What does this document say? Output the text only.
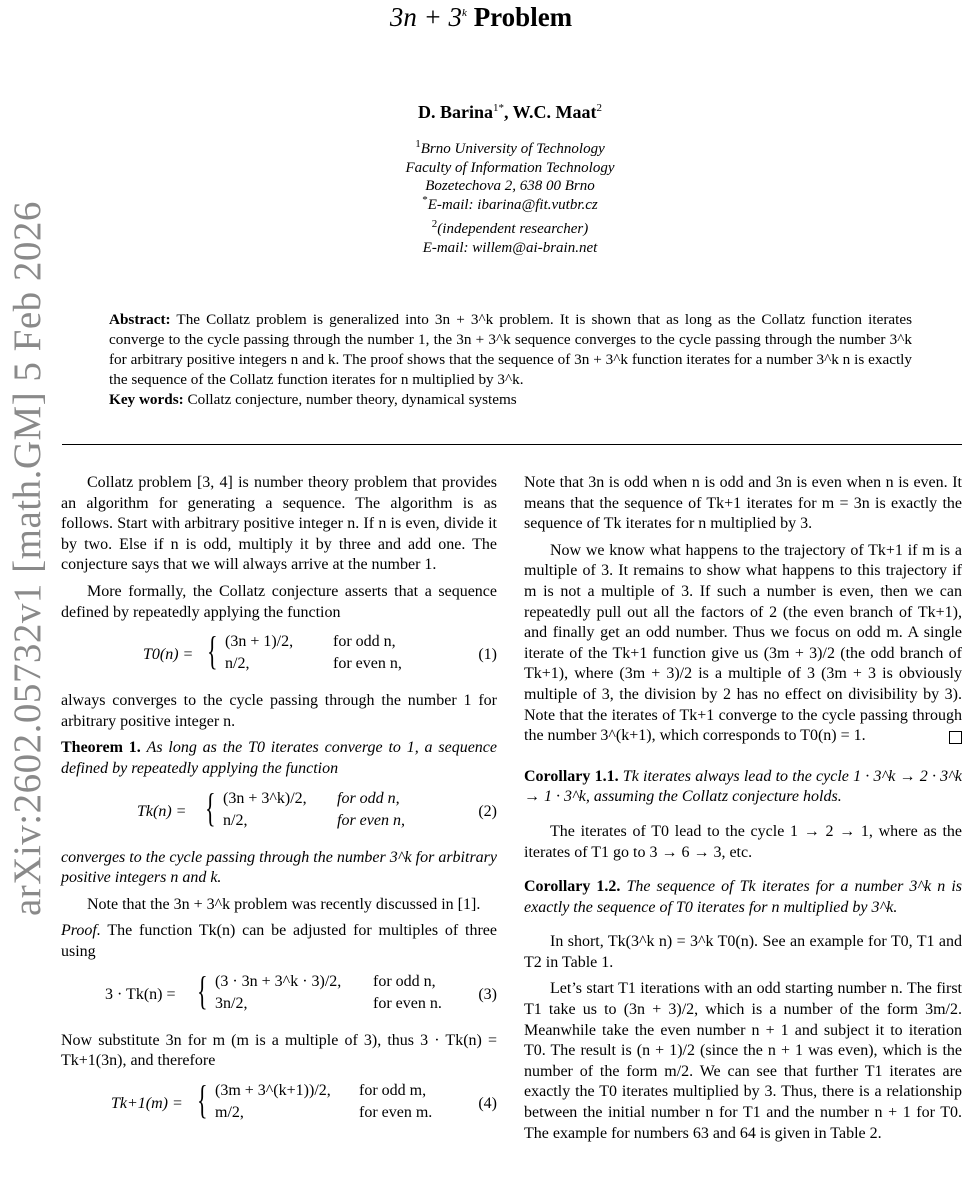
arXiv:2602.05732v1 [math.GM] 5 Feb 2026
$3n + 3^k$ Problem
D. Barina$^{1*}$, W.C. Maat$^2$
$^1$Brno University of Technology
Faculty of Information Technology
Bozetechova 2, 638 00 Brno
*E-mail: ibarina@fit.vutbr.cz
$^2$(independent researcher)
E-mail: willem@ai-brain.net
Abstract: The Collatz problem is generalized into 3n + 3^k problem. It is shown that as long as the Collatz function iterates converge to the cycle passing through the number 1, the 3n + 3^k sequence converges to the cycle passing through the number 3^k for arbitrary positive integers n and k. The proof shows that the sequence of 3n + 3^k function iterates for a number 3^k n is exactly the sequence of the Collatz function iterates for n multiplied by 3^k.
Key words: Collatz conjecture, number theory, dynamical systems

Collatz problem [3, 4] is number theory problem that provides an algorithm for generating a sequence. The algorithm is as follows. Start with arbitrary positive integer n. If n is even, divide it by two. Else if n is odd, multiply it by three and add one. The conjecture says that we will always arrive at the number 1.

More formally, the Collatz conjecture asserts that a sequence defined by repeatedly applying the function

T0(n) = { (3n + 1)/2, for odd n,
n/2,	for even n,
(1)

always converges to the cycle passing through the number 1 for arbitrary positive integer n.

Theorem 1. As long as the T0 iterates converge to 1, a sequence defined by repeatedly applying the function

Tk(n) = { (3n + 3^k)/2, for odd n,
n/2,	for even n,
(2)

converges to the cycle passing through the number 3^k for arbitrary positive integers n and k.

Note that the 3n + 3^k problem was recently discussed in [1].

Proof. The function Tk(n) can be adjusted for multiples of three using

3 · Tk(n) = { (3 · 3n + 3^k · 3)/2, for odd n,
3n/2,	for even n.
(3)

Now substitute 3n for m (m is a multiple of 3), thus 3 · Tk(n) = Tk+1(3n), and therefore

Tk+1(m) = { (3m + 3^(k+1))/2, for odd m,
m/2,	for even m.
(4)

Note that 3n is odd when n is odd and 3n is even when n is even. It means that the sequence of Tk+1 iterates for m = 3n is exactly the sequence of Tk iterates for n multiplied by 3.

Now we know what happens to the trajectory of Tk+1 if m is a multiple of 3. It remains to show what happens to this trajectory if m is not a multiple of 3. If such a number is even, then we can repeatedly pull out all the factors of 2 (the even branch of Tk+1), and finally get an odd number. Thus we focus on odd m. A single iterate of the Tk+1 function give us (3m + 3)/2 (the odd branch of Tk+1), where (3m + 3)/2 is a multiple of 3 (3m + 3 is obviously multiple of 3, the division by 2 has no effect on divisibility by 3). Note that the iterates of Tk+1 converge to the cycle passing through the number 3^(k+1), which corresponds to T0(n) = 1.

Corollary 1.1. Tk iterates always lead to the cycle 1 · 3^k → 2 · 3^k → 1 · 3^k, assuming the Collatz conjecture holds.

The iterates of T0 lead to the cycle 1 → 2 → 1, where as the iterates of T1 go to 3 → 6 → 3, etc.

Corollary 1.2. The sequence of Tk iterates for a number 3^k n is exactly the sequence of T0 iterates for n multiplied by 3^k.

In short, Tk(3^k n) = 3^k T0(n). See an example for T0, T1 and T2 in Table 1.

Let’s start T1 iterations with an odd starting number n. The first T1 take us to (3n + 3)/2, which is a number of the form 3m/2. Meanwhile take the even number n + 1 and subject it to iteration T0. The result is (n + 1)/2 (since the n + 1 was even), which is the number of the form m/2. We can see that further T1 iterates are exactly the T0 iterates multiplied by 3. Thus, there is a relationship between the initial number n for T1 and the number n + 1 for T0. The example for numbers 63 and 64 is given in Table 2.
